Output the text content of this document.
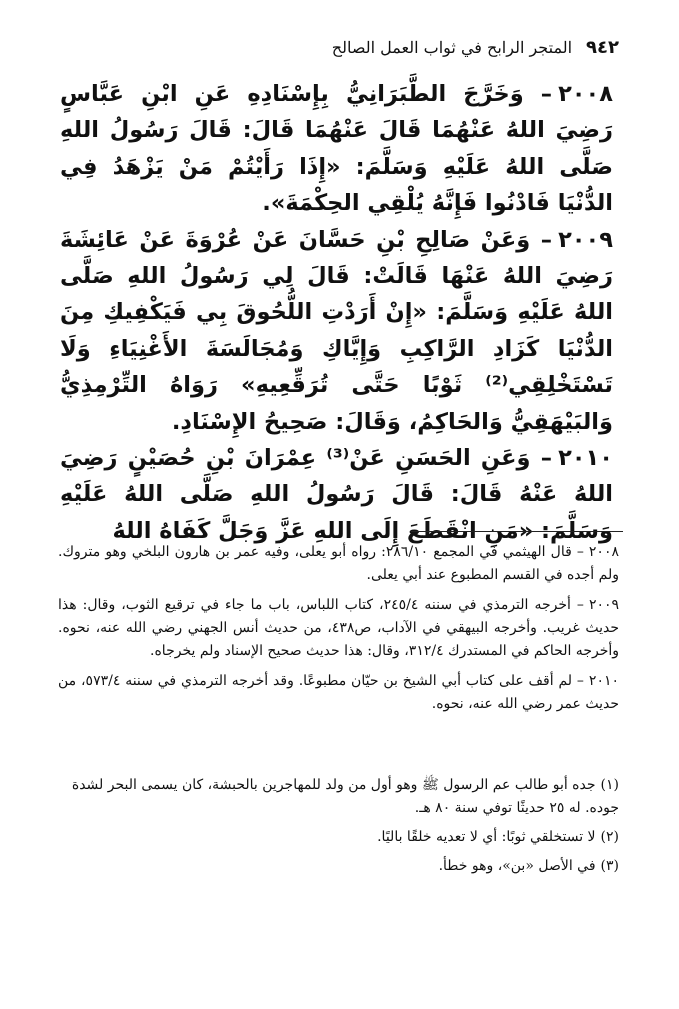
٩٤٢
المتجر الرابح في ثواب العمل الصالح

٢٠٠٨– وَخَرَّجَ الطَّبَرَانِيُّ بِإِسْنَادِهِ عَنِ ابْنِ عَبَّاسٍ رَضِيَ اللهُ عَنْهُمَا قَالَ عَنْهُمَا قَالَ: قَالَ رَسُولُ اللهِ صَلَّى اللهُ عَلَيْهِ وَسَلَّمَ: «إِذَا رَأَيْتُمْ مَنْ يَزْهَدُ فِي الدُّنْيَا فَادْنُوا فَإِنَّهُ يُلْقِي الحِكْمَةَ».

٢٠٠٩– وَعَنْ صَالِحِ بْنِ حَسَّانَ عَنْ عُرْوَةَ عَنْ عَائِشَةَ رَضِيَ اللهُ عَنْهَا قَالَتْ: قَالَ لِي رَسُولُ اللهِ صَلَّى اللهُ عَلَيْهِ وَسَلَّمَ: «إِنْ أَرَدْتِ اللُّحُوقَ بِي فَيَكْفِيكِ مِنَ الدُّنْيَا كَزَادِ الرَّاكِبِ وَإِيَّاكِ وَمُجَالَسَةَ الأَغْنِيَاءِ وَلَا تَسْتَخْلِقِي⁽²⁾ ثَوْبًا حَتَّى تُرَقِّعِيهِ» رَوَاهُ التِّرْمِذِيُّ وَالبَيْهَقِيُّ وَالحَاكِمُ، وَقَالَ: صَحِيحُ الإِسْنَادِ.

٢٠١٠– وَعَنِ الحَسَنِ عَنْ⁽³⁾ عِمْرَانَ بْنِ حُصَيْنٍ رَضِيَ اللهُ عَنْهُ قَالَ: قَالَ رَسُولُ اللهِ صَلَّى اللهُ عَلَيْهِ وَسَلَّمَ: «مَنِ انْقَطَعَ إِلَى اللهِ عَزَّ وَجَلَّ كَفَاهُ اللهُ

٢٠٠٨– قال الهيثمي في المجمع ٢٨٦/١٠: رواه أبو يعلى، وفيه عمر بن هارون البلخي وهو متروك. ولم أجده في القسم المطبوع عند أبي يعلى.

٢٠٠٩– أخرجه الترمذي في سننه ٢٤٥/٤، كتاب اللباس، باب ما جاء في ترقيع الثوب، وقال: هذا حديث غريب. وأخرجه البيهقي في الآداب، ص٤٣٨، من حديث أنس الجهني رضي الله عنه، نحوه. وأخرجه الحاكم في المستدرك ٣١٢/٤، وقال: هذا حديث صحيح الإسناد ولم يخرجاه.

٢٠١٠– لم أقف على كتاب أبي الشيخ بن حيّان مطبوعًا. وقد أخرجه الترمذي في سننه ٥٧٣/٤، من حديث عمر رضي الله عنه، نحوه.

(١)جده أبو طالب عم الرسول ﷺ وهو أول من ولد للمهاجرين بالحبشة، كان يسمى البحر لشدة جوده. له ٢٥ حديثًا توفي سنة ٨٠ هـ.

(٢)لا تستخلقي ثوبًا: أي لا تعديه خلقًا باليًا.

(٣)في الأصل «بن»، وهو خطأ.
